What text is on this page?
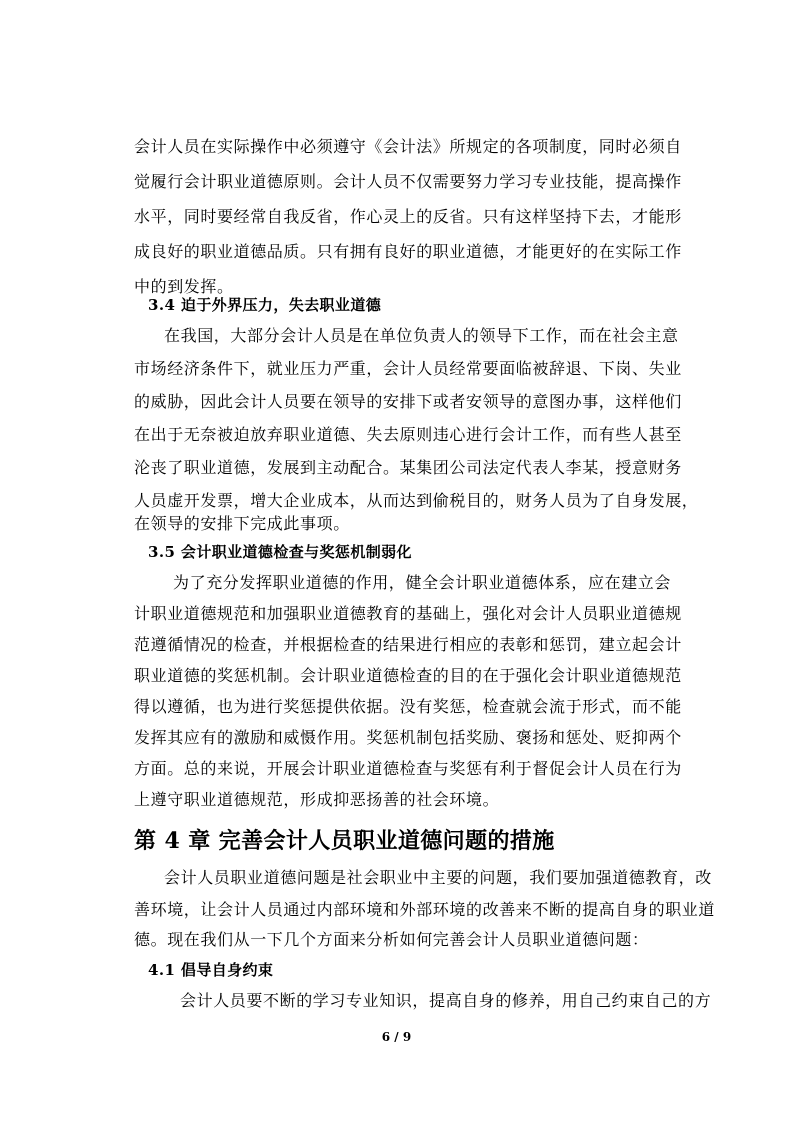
会计人员在实际操作中必须遵守《会计法》所规定的各项制度，同时必须自
觉履行会计职业道德原则。会计人员不仅需要努力学习专业技能，提高操作
水平，同时要经常自我反省，作心灵上的反省。只有这样坚持下去，才能形
成良好的职业道德品质。只有拥有良好的职业道德，才能更好的在实际工作
中的到发挥。
3.4 迫于外界压力，失去职业道德
在我国，大部分会计人员是在单位负责人的领导下工作，而在社会主意
市场经济条件下，就业压力严重，会计人员经常要面临被辞退、下岗、失业
的威胁，因此会计人员要在领导的安排下或者安领导的意图办事，这样他们
在出于无奈被迫放弃职业道德、失去原则违心进行会计工作，而有些人甚至
沦丧了职业道德，发展到主动配合。某集团公司法定代表人李某，授意财务
人员虚开发票，增大企业成本，从而达到偷税目的，财务人员为了自身发展，
在领导的安排下完成此事项。
3.5 会计职业道德检查与奖惩机制弱化
为了充分发挥职业道德的作用，健全会计职业道德体系，应在建立会
计职业道德规范和加强职业道德教育的基础上，强化对会计人员职业道德规
范遵循情况的检查，并根据检查的结果进行相应的表彰和惩罚，建立起会计
职业道德的奖惩机制。会计职业道德检查的目的在于强化会计职业道德规范
得以遵循，也为进行奖惩提供依据。没有奖惩，检查就会流于形式，而不能
发挥其应有的激励和威慑作用。奖惩机制包括奖励、褒扬和惩处、贬抑两个
方面。总的来说，开展会计职业道德检查与奖惩有利于督促会计人员在行为
上遵守职业道德规范，形成抑恶扬善的社会环境。
第 4 章 完善会计人员职业道德问题的措施
会计人员职业道德问题是社会职业中主要的问题，我们要加强道德教育，改
善环境，让会计人员通过内部环境和外部环境的改善来不断的提高自身的职业道
德。现在我们从一下几个方面来分析如何完善会计人员职业道德问题：
4.1 倡导自身约束
会计人员要不断的学习专业知识，提高自身的修养，用自己约束自己的方
6 / 9
